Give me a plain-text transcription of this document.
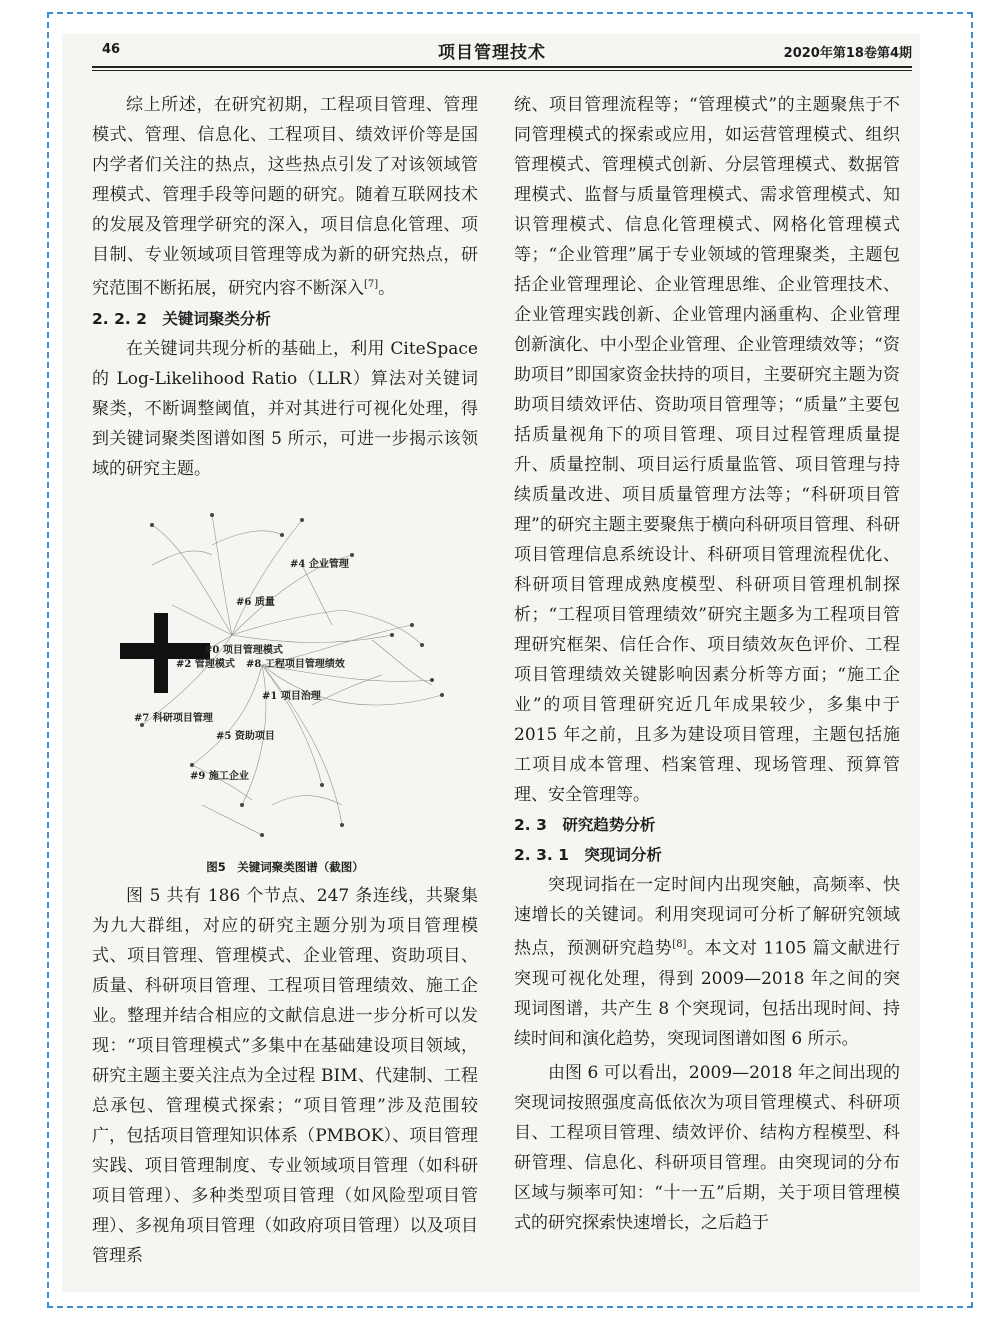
46	项目管理技术	2020年第18卷第4期

综上所述，在研究初期，工程项目管理、管理模式、管理、信息化、工程项目、绩效评价等是国内学者们关注的热点，这些热点引发了对该领域管理模式、管理手段等问题的研究。随着互联网技术的发展及管理学研究的深入，项目信息化管理、项目制、专业领域项目管理等成为新的研究热点，研究范围不断拓展，研究内容不断深入[7]。

2. 2. 2　关键词聚类分析

在关键词共现分析的基础上，利用 CiteSpace 的 Log-Likelihood Ratio（LLR）算法对关键词聚类，不断调整阈值，并对其进行可视化处理，得到关键词聚类图谱如图 5 所示，可进一步揭示该领域的研究主题。

#4 企业管理
#6 质量
#0 项目管理模式
#2 管理模式 #8 工程项目管理绩效
#1 项目治理
#7 科研项目管理
#5 资助项目
#9 施工企业

图5　关键词聚类图谱（截图）

图 5 共有 186 个节点、247 条连线，共聚集为九大群组，对应的研究主题分别为项目管理模式、项目管理、管理模式、企业管理、资助项目、质量、科研项目管理、工程项目管理绩效、施工企业。整理并结合相应的文献信息进一步分析可以发现：“项目管理模式”多集中在基础建设项目领域，研究主题主要关注点为全过程 BIM、代建制、工程总承包、管理模式探索；“项目管理”涉及范围较广，包括项目管理知识体系（PMBOK）、项目管理实践、项目管理制度、专业领域项目管理（如科研项目管理）、多种类型项目管理（如风险型项目管理）、多视角项目管理（如政府项目管理）以及项目管理系

统、项目管理流程等；“管理模式”的主题聚焦于不同管理模式的探索或应用，如运营管理模式、组织管理模式、管理模式创新、分层管理模式、数据管理模式、监督与质量管理模式、需求管理模式、知识管理模式、信息化管理模式、网格化管理模式等；“企业管理”属于专业领域的管理聚类，主题包括企业管理理论、企业管理思维、企业管理技术、企业管理实践创新、企业管理内涵重构、企业管理创新演化、中小型企业管理、企业管理绩效等；“资助项目”即国家资金扶持的项目，主要研究主题为资助项目绩效评估、资助项目管理等；“质量”主要包括质量视角下的项目管理、项目过程管理质量提升、质量控制、项目运行质量监管、项目管理与持续质量改进、项目质量管理方法等；“科研项目管理”的研究主题主要聚焦于横向科研项目管理、科研项目管理信息系统设计、科研项目管理流程优化、科研项目管理成熟度模型、科研项目管理机制探析；“工程项目管理绩效”研究主题多为工程项目管理研究框架、信任合作、项目绩效灰色评价、工程项目管理绩效关键影响因素分析等方面；“施工企业”的项目管理研究近几年成果较少，多集中于 2015 年之前，且多为建设项目管理，主题包括施工项目成本管理、档案管理、现场管理、预算管理、安全管理等。

2. 3　研究趋势分析

2. 3. 1　突现词分析

突现词指在一定时间内出现突触，高频率、快速增长的关键词。利用突现词可分析了解研究领域热点，预测研究趋势[8]。本文对 1105 篇文献进行突现可视化处理，得到 2009—2018 年之间的突现词图谱，共产生 8 个突现词，包括出现时间、持续时间和演化趋势，突现词图谱如图 6 所示。

由图 6 可以看出，2009—2018 年之间出现的突现词按照强度高低依次为项目管理模式、科研项目、工程项目管理、绩效评价、结构方程模型、科研管理、信息化、科研项目管理。由突现词的分布区域与频率可知：“十一五”后期，关于项目管理模式的研究探索快速增长，之后趋于
